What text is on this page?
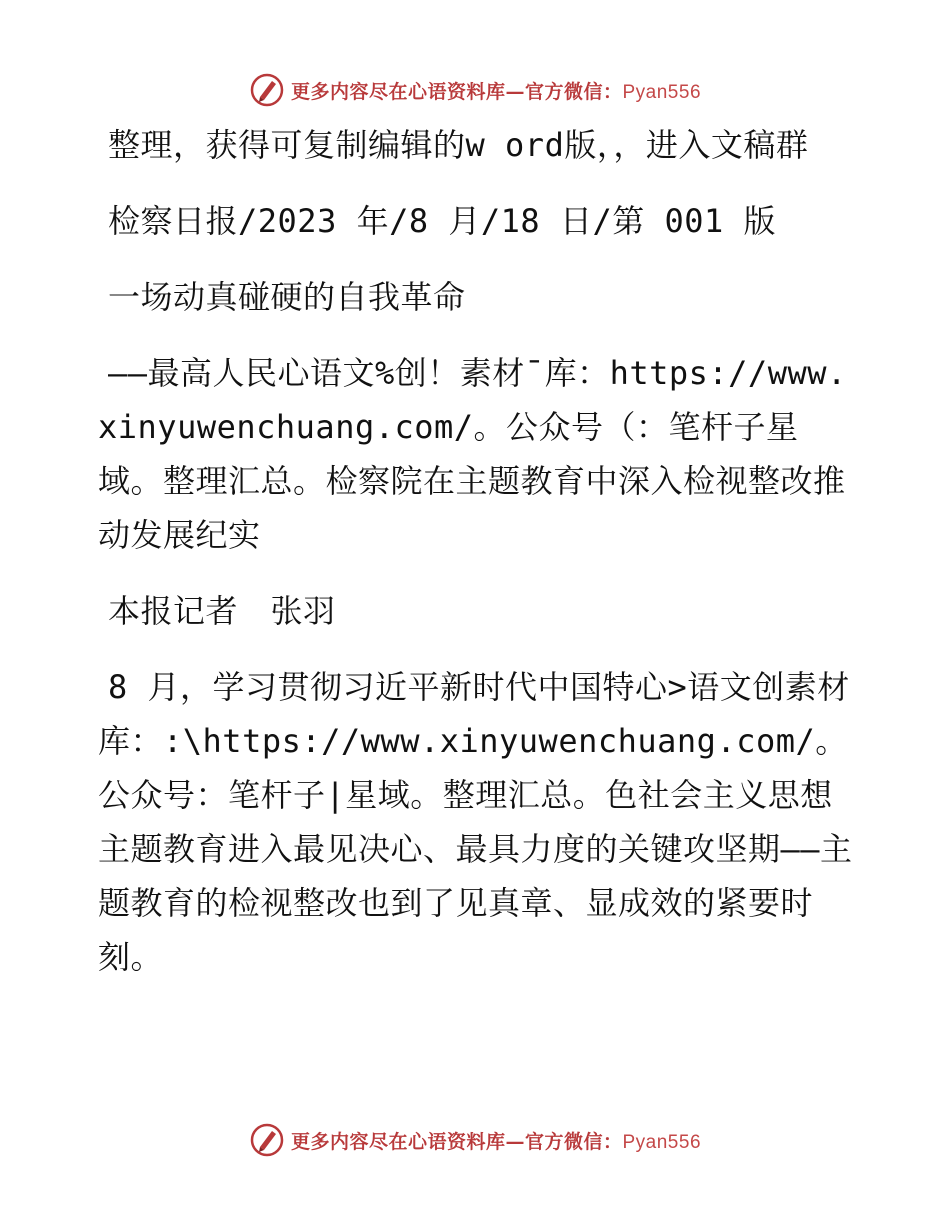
更多内容尽在心语资料库—官方微信：Pyan556

整理，获得可复制编辑的w ord版，，进入文稿群

检察日报/2023 年/8 月/18 日/第 001 版

一场动真碰硬的自我革命

——最高人民心语文%创！素材¯库：https://www.xinyuwenchuang.com/。公众号（：笔杆子星域。整理汇总。检察院在主题教育中深入检视整改推动发展纪实

本报记者　张羽

8 月，学习贯彻习近平新时代中国特心>语文创素材库：:\https://www.xinyuwenchuang.com/。公众号：笔杆子|星域。整理汇总。色社会主义思想主题教育进入最见决心、最具力度的关键攻坚期——主题教育的检视整改也到了见真章、显成效的紧要时刻。

更多内容尽在心语资料库—官方微信：Pyan556
